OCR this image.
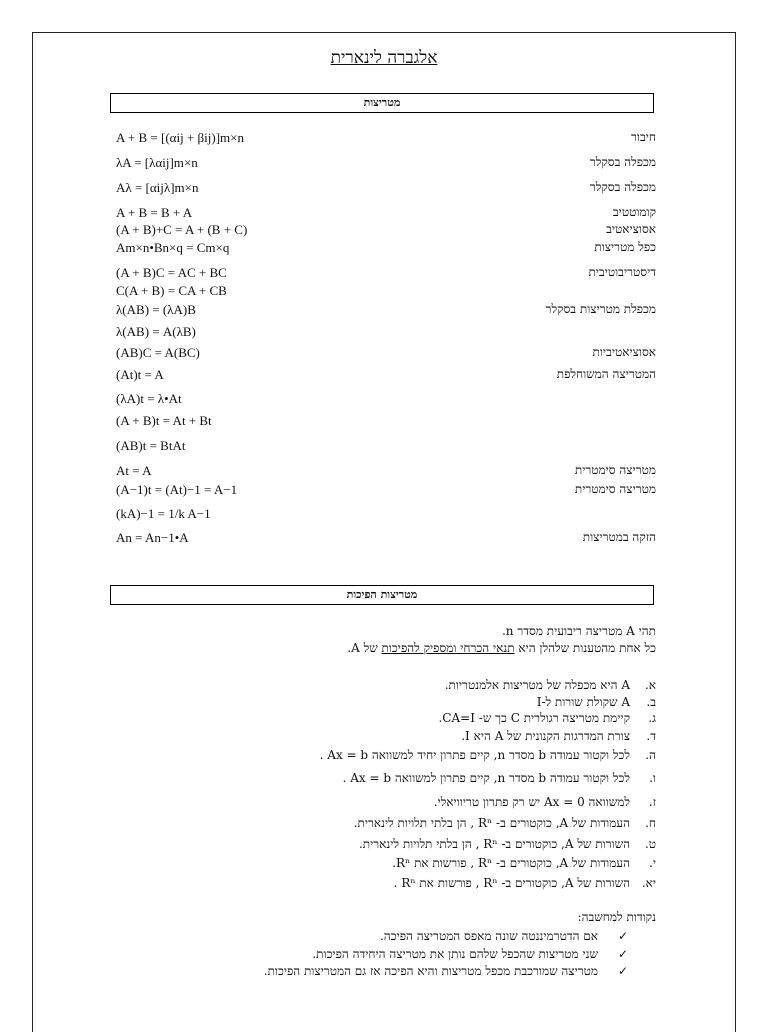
אלגברה לינארית
מטריצות
A + B = [(αij + βij)]m×n	חיבור
λA = [λαij]m×n	מכפלה בסקלר
Aλ = [αijλ]m×n	מכפלה בסקלר
A + B = B + A	קומוטטיב
(A + B)+C = A + (B + C)	אסוציאטיב
Am×n•Bn×q = Cm×q	כפל מטריצות
(A + B)C = AC + BC	דיסטריבוטיבית
C(A + B) = CA + CB
λ(AB) = (λA)B	מכפלת מטריצות בסקלר
λ(AB) = A(λB)
(AB)C = A(BC)	אסוציאטיביות
(At)t = A	המטריצה המשוחלפת
(λA)t = λ•At
(A + B)t = At + Bt
(AB)t = BtAt
At = A	מטריצה סימטרית
(A−1)t = (At)−1 = A−1	מטריצה סימטרית
(kA)−1 = 1/k A−1
An = An−1•A	הזקה במטריצות
מטריצות הפיכות
תהי A מטריצה ריבועית מסדר n.
כל אחת מהטענות שלהלן היא תנאי הכרחי ומספיק להפיכות של A.
א.
A היא מכפלה של מטריצות אלמנטריות.
ב.
A שקולת שורות ל-I
ג.
קיימת מטריצה רגולרית C כך ש- CA=I.
ד.
צורת המדרגות הקנונית של A היא I.
ה.
לכל וקטור עמודה b מסדר n, קיים פתרון יחיד למשוואה Ax = b .
ו.
לכל וקטור עמודה b מסדר n, קיים פתרון למשוואה Ax = b .
ז.
למשוואה Ax = 0 יש רק פתרון טריוויאלי.
ח.
העמודות של A, כוקטורים ב- Rⁿ , הן בלתי תלויות לינארית.
ט.
השורות של A, כוקטורים ב- Rⁿ , הן בלתי תלויות לינארית.
י.
העמודות של A, כוקטורים ב- Rⁿ , פורשות את Rⁿ.
יא.
השורות של A, כוקטורים ב- Rⁿ , פורשות את Rⁿ .
נקודות למחשבה:
✓
אם הדטרמיננטה שונה מאפס המטריצה הפיכה.
✓
שני מטריצות שהכפל שלהם נותן את מטריצה היחידה הפיכות.
✓
מטריצה שמורכבת מכפל מטריצות והיא הפיכה אז גם המטריצות הפיכות.
